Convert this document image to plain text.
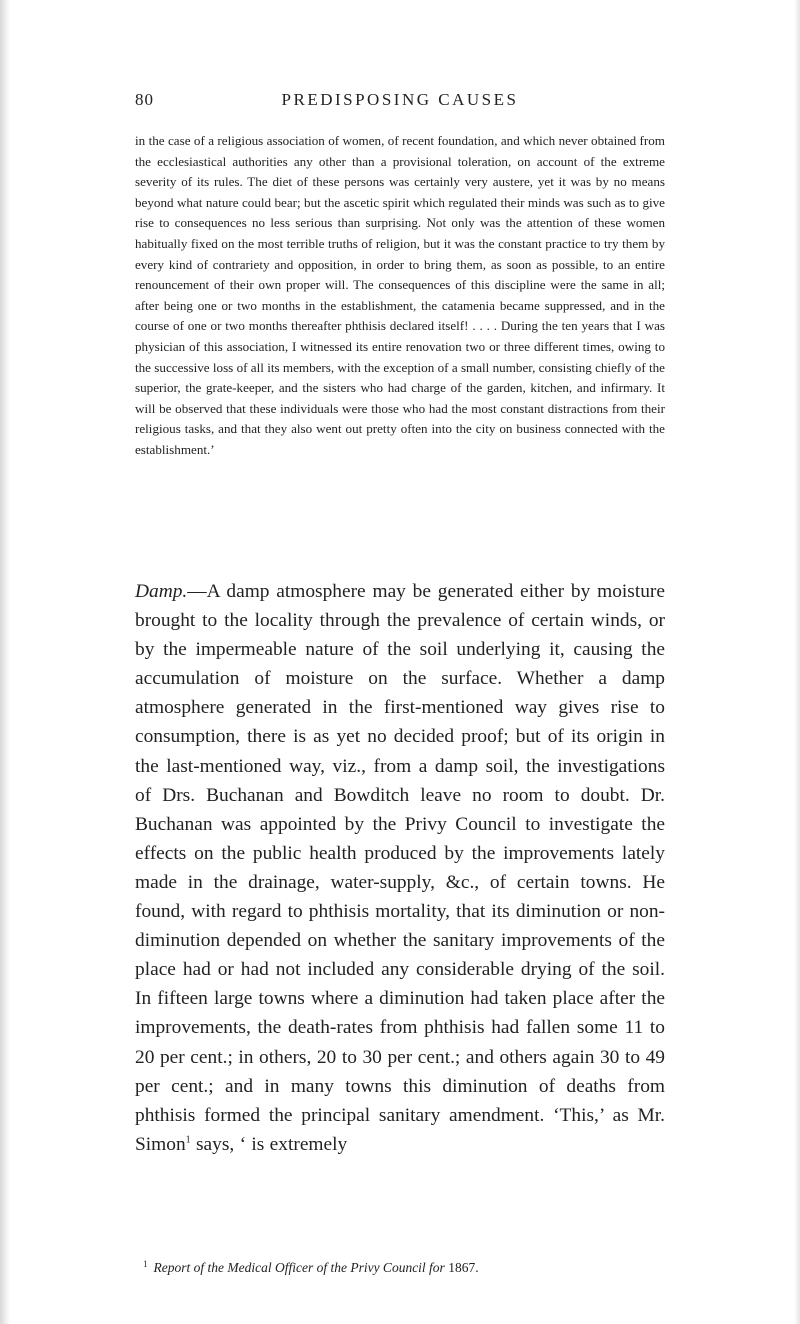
80	PREDISPOSING CAUSES

in the case of a religious association of women, of recent foundation, and which never obtained from the ecclesiastical authorities any other than a provisional toleration, on account of the extreme severity of its rules. The diet of these persons was certainly very austere, yet it was by no means beyond what nature could bear; but the ascetic spirit which regulated their minds was such as to give rise to consequences no less serious than surprising. Not only was the attention of these women habitually fixed on the most terrible truths of religion, but it was the constant practice to try them by every kind of contrariety and opposition, in order to bring them, as soon as possible, to an entire renouncement of their own proper will. The consequences of this discipline were the same in all; after being one or two months in the establishment, the catamenia became suppressed, and in the course of one or two months thereafter phthisis declared itself! . . . . During the ten years that I was physician of this association, I witnessed its entire renovation two or three different times, owing to the successive loss of all its members, with the exception of a small number, consisting chiefly of the superior, the grate-keeper, and the sisters who had charge of the garden, kitchen, and infirmary. It will be observed that these individuals were those who had the most constant distractions from their religious tasks, and that they also went out pretty often into the city on business connected with the establishment.’

Damp.—A damp atmosphere may be generated either by moisture brought to the locality through the prevalence of certain winds, or by the impermeable nature of the soil underlying it, causing the accumulation of moisture on the surface. Whether a damp atmosphere generated in the first-mentioned way gives rise to consumption, there is as yet no decided proof; but of its origin in the last-mentioned way, viz., from a damp soil, the investigations of Drs. Buchanan and Bowditch leave no room to doubt. Dr. Buchanan was appointed by the Privy Council to investigate the effects on the public health produced by the improvements lately made in the drainage, water-supply, &c., of certain towns. He found, with regard to phthisis mortality, that its diminution or non-diminution depended on whether the sanitary improvements of the place had or had not included any considerable drying of the soil. In fifteen large towns where a diminution had taken place after the improvements, the death-rates from phthisis had fallen some 11 to 20 per cent.; in others, 20 to 30 per cent.; and others again 30 to 49 per cent.; and in many towns this diminution of deaths from phthisis formed the principal sanitary amendment. ‘This,’ as Mr. Simon$^1$ says, ‘ is extremely

$^1$ Report of the Medical Officer of the Privy Council for 1867.
